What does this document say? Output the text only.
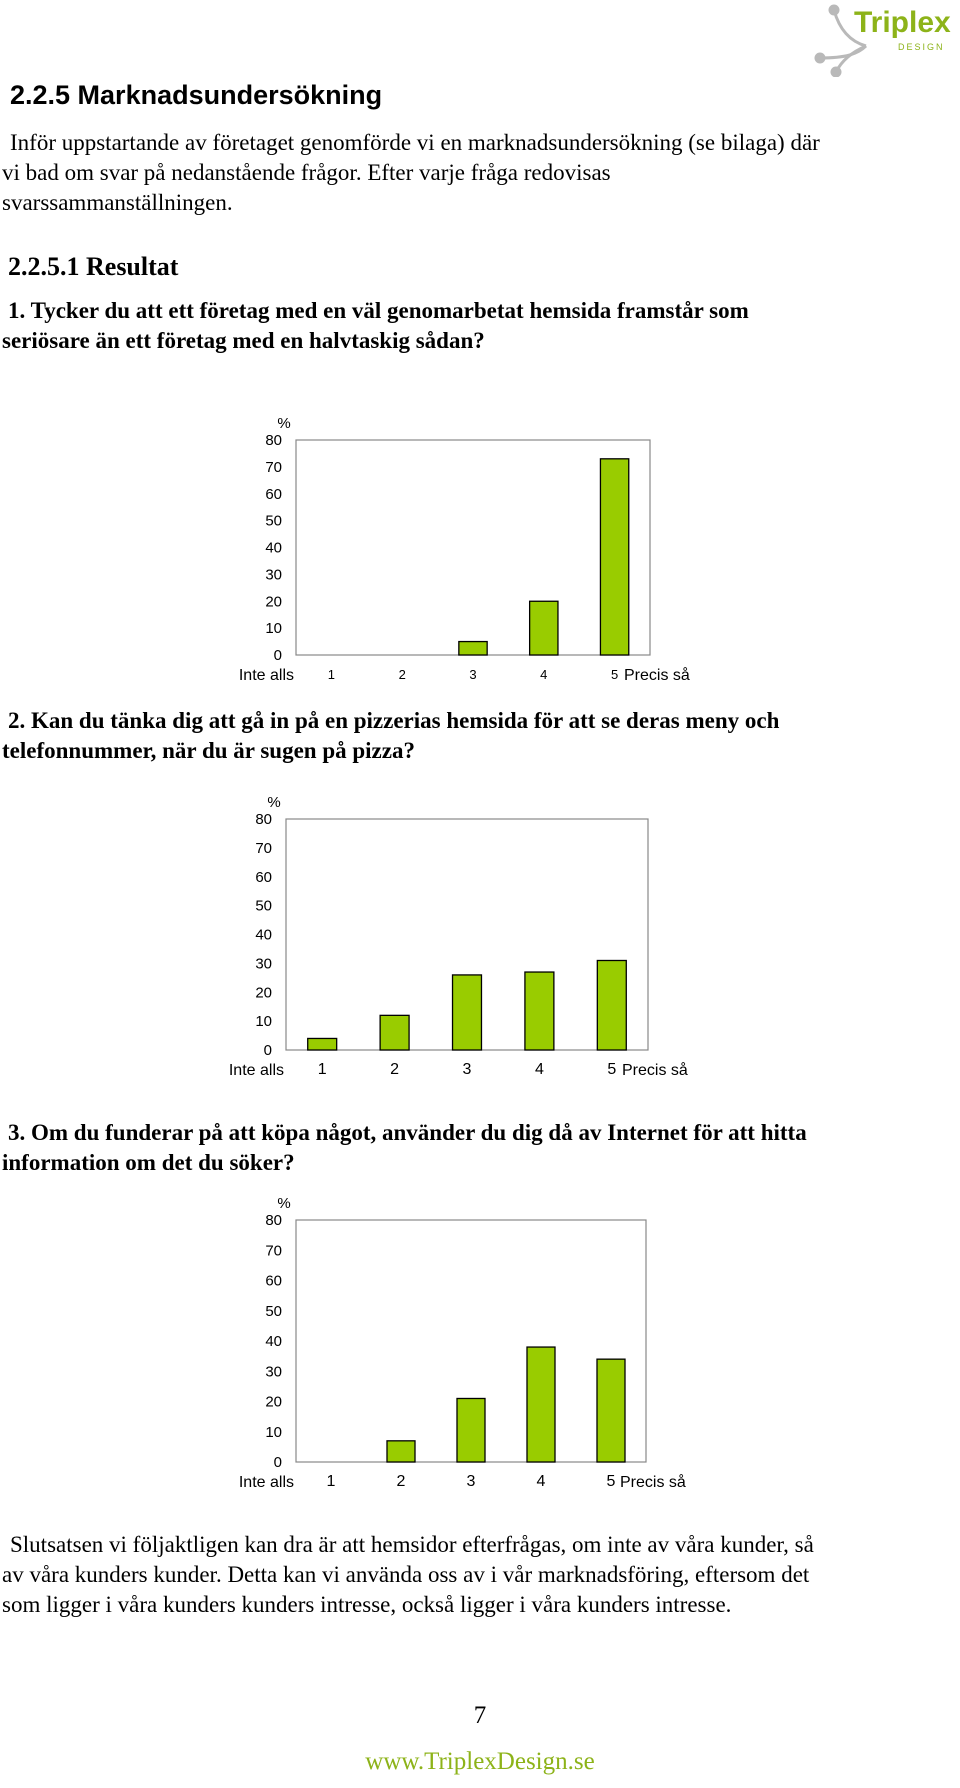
Triplex
DESIGN
2.2.5 Marknadsundersökning
Inför uppstartande av företaget genomförde vi en marknadsundersökning (se bilaga) där
vi bad om svar på nedanstående frågor. Efter varje fråga redovisas
svarssammanställningen.
2.2.5.1 Resultat
1. Tycker du att ett företag med en väl genomarbetat hemsida framstår som
seriösare än ett företag med en halvtaskig sådan?
0
10
20
30
40
50
60
70
80
%
1	2	3	4	5
Inte alls	Precis så
2. Kan du tänka dig att gå in på en pizzerias hemsida för att se deras meny och
telefonnummer, när du är sugen på pizza?
0
10
20
30
40
50
60
70
80
%
1	2	3	4	5
Inte alls	Precis så
3. Om du funderar på att köpa något, använder du dig då av Internet för att hitta
information om det du söker?
0
10
20
30
40
50
60
70
80
%
1	2	3	4	5
Inte alls	Precis så
Slutsatsen vi följaktligen kan dra är att hemsidor efterfrågas, om inte av våra kunder, så
av våra kunders kunder. Detta kan vi använda oss av i vår marknadsföring, eftersom det
som ligger i våra kunders kunders intresse, också ligger i våra kunders intresse.
7
www.TriplexDesign.se
